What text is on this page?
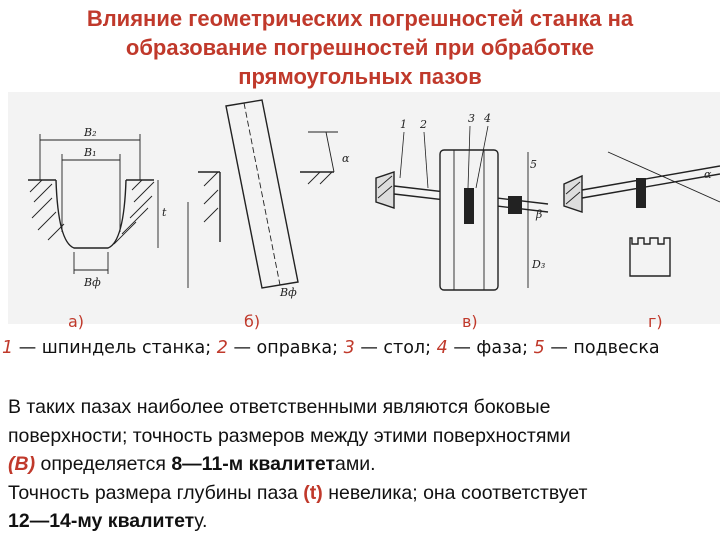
Влияние геометрических погрешностей станка на
образование погрешностей при обработке
прямоугольных пазов
B₂
B₁
t
Bф
α
Bф
1 2	3 4
5
β
D₃
α
а)	б)	в)	г)
1 — шпиндель станка; 2 — оправка; 3 — стол; 4 — фаза; 5 — подвеска
В таких пазах наиболее ответственными являются боковые
поверхности; точность размеров между этими поверхностями
(B) определяется 8—11-м квалитетами.
Точность размера глубины паза (t) невелика; она соответствует
12—14-му квалитету.
